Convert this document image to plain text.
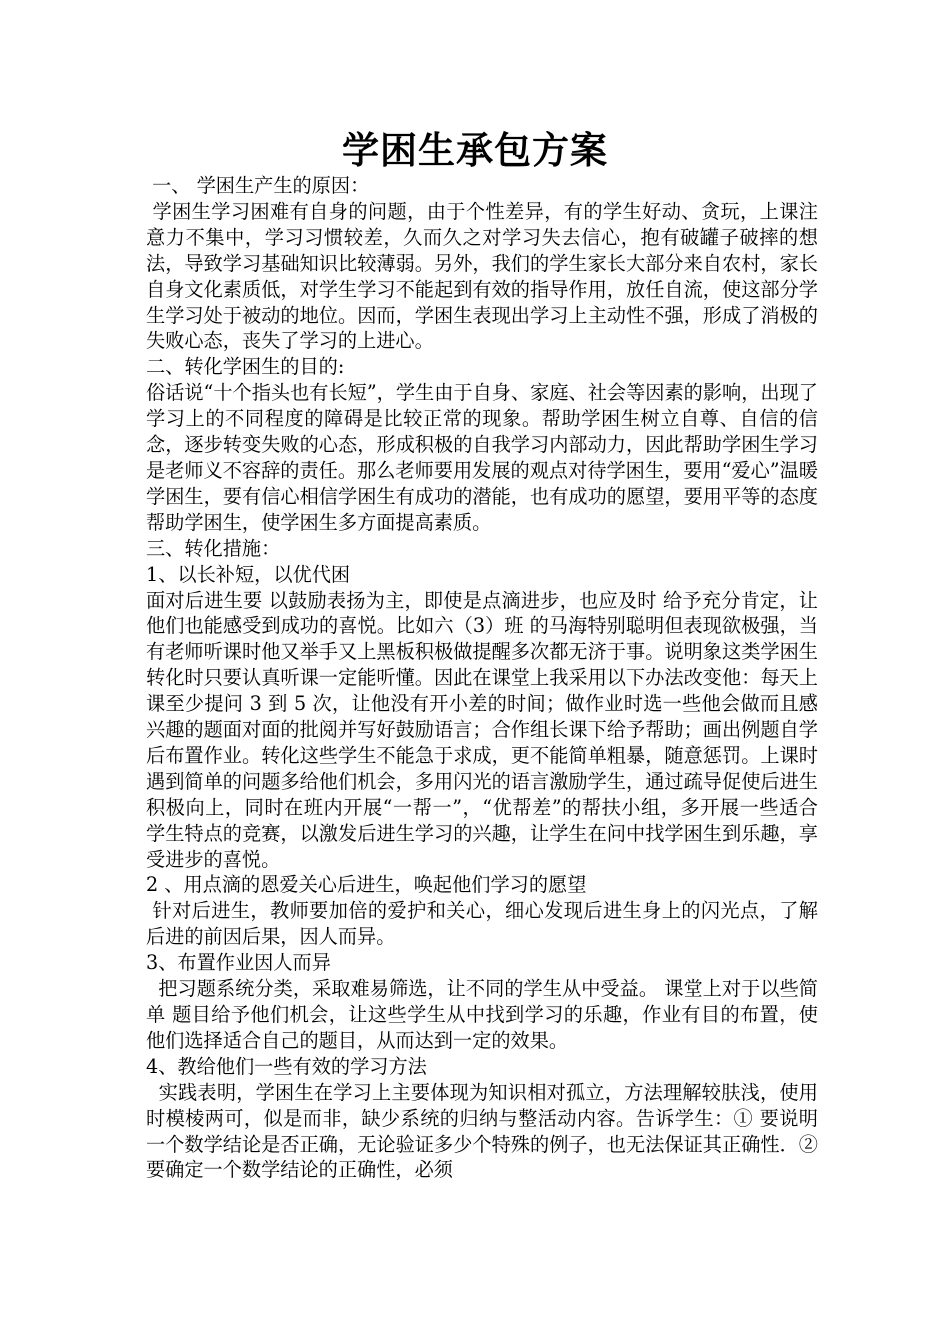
学困生承包方案

一、 学困生产生的原因：

学困生学习困难有自身的问题，由于个性差异，有的学生好动、贪玩，上课注意力不集中，学习习惯较差，久而久之对学习失去信心，抱有破罐子破摔的想法，导致学习基础知识比较薄弱。另外，我们的学生家长大部分来自农村，家长自身文化素质低，对学生学习不能起到有效的指导作用，放任自流，使这部分学生学习处于被动的地位。因而，学困生表现出学习上主动性不强，形成了消极的失败心态，丧失了学习的上进心。

二、转化学困生的目的:

俗话说“十个指头也有长短”，学生由于自身、家庭、社会等因素的影响，出现了学习上的不同程度的障碍是比较正常的现象。帮助学困生树立自尊、自信的信念，逐步转变失败的心态，形成积极的自我学习内部动力，因此帮助学困生学习是老师义不容辞的责任。那么老师要用发展的观点对待学困生，要用“爱心”温暖学困生，要有信心相信学困生有成功的潜能，也有成功的愿望，要用平等的态度帮助学困生，使学困生多方面提高素质。

三、转化措施：

1、以长补短，以优代困

面对后进生要 以鼓励表扬为主，即使是点滴进步，也应及时 给予充分肯定，让他们也能感受到成功的喜悦。比如六（3）班 的马海特别聪明但表现欲极强，当有老师听课时他又举手又上黑板积极做提醒多次都无济于事。说明象这类学困生转化时只要认真听课一定能听懂。因此在课堂上我采用以下办法改变他：每天上课至少提问 3 到 5 次，让他没有开小差的时间；做作业时选一些他会做而且感兴趣的题面对面的批阅并写好鼓励语言；合作组长课下给予帮助；画出例题自学后布置作业。转化这些学生不能急于求成，更不能简单粗暴，随意惩罚。上课时遇到简单的问题多给他们机会，多用闪光的语言激励学生，通过疏导促使后进生积极向上，同时在班内开展“一帮一”，“优帮差”的帮扶小组，多开展一些适合学生特点的竞赛，以激发后进生学习的兴趣，让学生在问中找学困生到乐趣，享受进步的喜悦。

2 、用点滴的恩爱关心后进生，唤起他们学习的愿望

针对后进生，教师要加倍的爱护和关心，细心发现后进生身上的闪光点，了解后进的前因后果，因人而异。

3、布置作业因人而异

把习题系统分类，采取难易筛选，让不同的学生从中受益。 课堂上对于以些简单 题目给予他们机会，让这些学生从中找到学习的乐趣，作业有目的布置，使他们选择适合自己的题目，从而达到一定的效果。

4、教给他们一些有效的学习方法

实践表明，学困生在学习上主要体现为知识相对孤立，方法理解较肤浅，使用时模棱两可，似是而非，缺少系统的归纳与整活动内容。告诉学生：① 要说明一个数学结论是否正确，无论验证多少个特殊的例子，也无法保证其正确性．②要确定一个数学结论的正确性，必须
